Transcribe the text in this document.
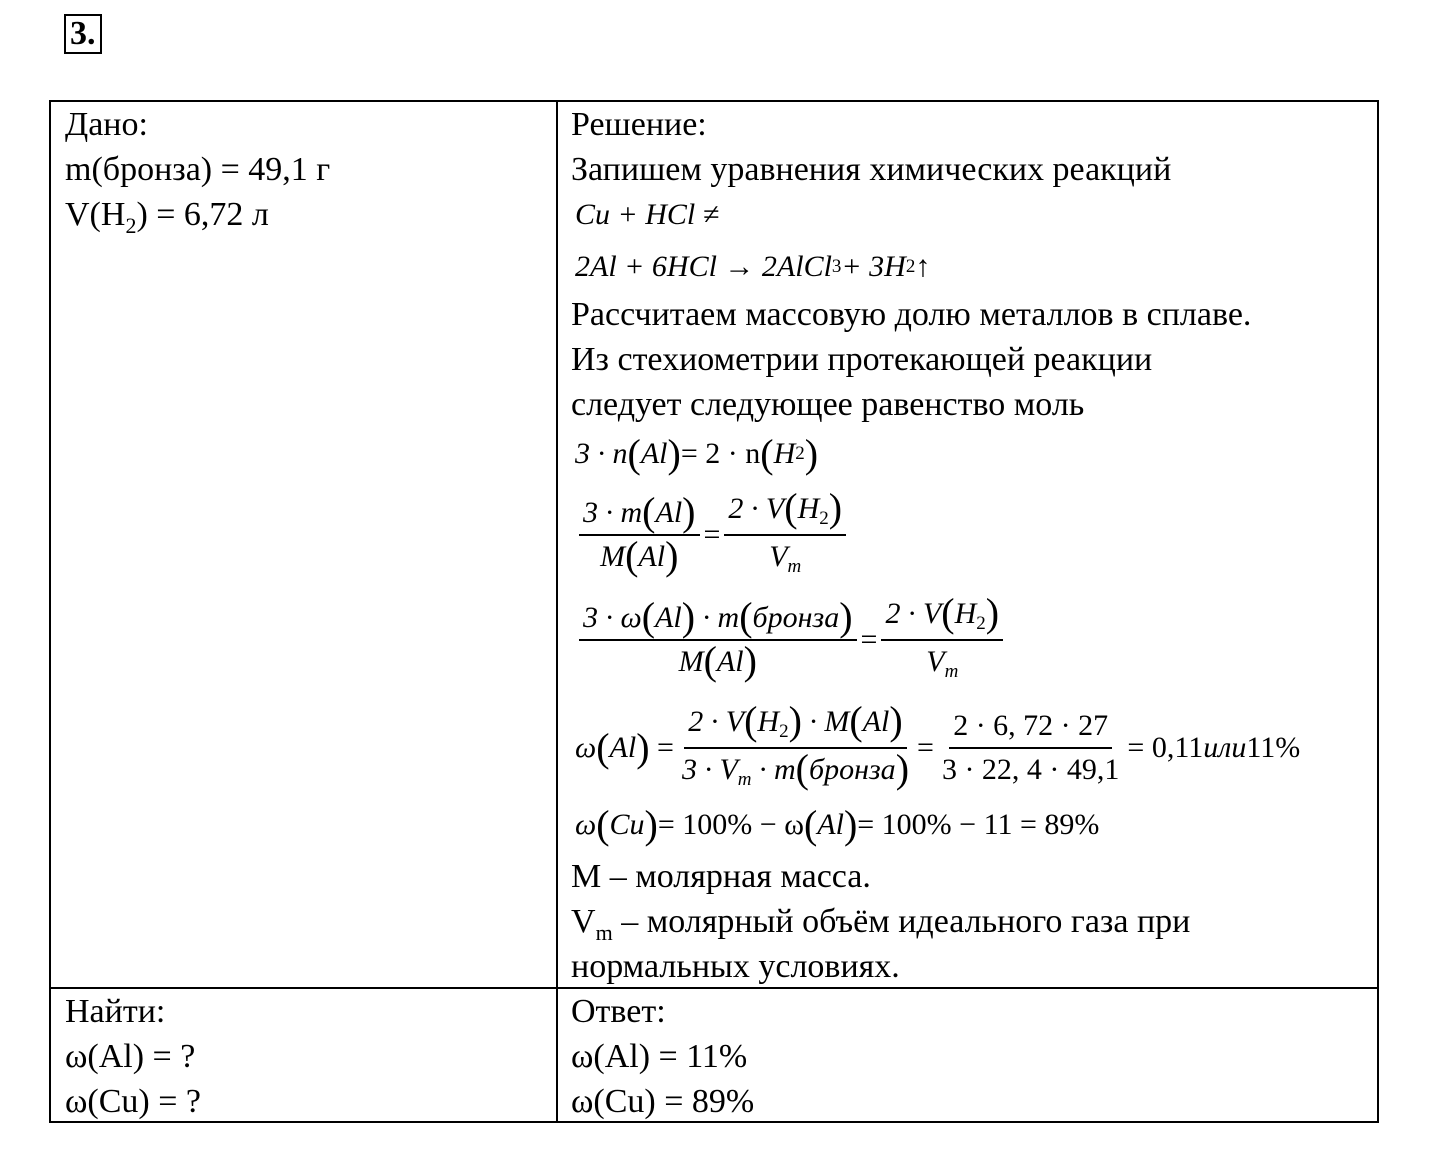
3.
Дано:
m(бронза) = 49,1 г
$V(H_2) = 6,72$ л
Найти:
ω(Al) = ?
ω(Cu) = ?
Решение:
Запишем уравнения химических реакций
Cu + HCl ≠
2Al + 6HCl → 2AlCl 3 + 3H 2 ↑
Рассчитаем массовую долю металлов в сплаве.
Из стехиометрии протекающей реакции
следует следующее равенство моль
3 · n ( Al ) = 2 · n ( H 2 )
$\frac{3 \cdot m(Al)}{M(Al)} = \frac{2 \cdot V(H_2)}{V_m}$
$\frac{\text{3 · ω(Al) · m(бронза)}}{M(Al)} = \frac{2 \cdot V(H_2)}{V_m}$
ω ( Al ) = $\frac{2 \cdot V(H_2) \cdot M(Al)}{3 \cdot V_m \cdot m(бронза)} = \frac{2 \cdot 6, 72 \cdot 27}{3 \cdot 22, 4 \cdot 49,1} = 0,11$ или 11%
ω ( Cu ) = 100% − ω ( Al ) = 100% − 11 = 89%
M – молярная масса.
$V_m$ – молярный объём идеального газа при
нормальных условиях.
Ответ:
ω(Al) = 11%
ω(Cu) = 89%
